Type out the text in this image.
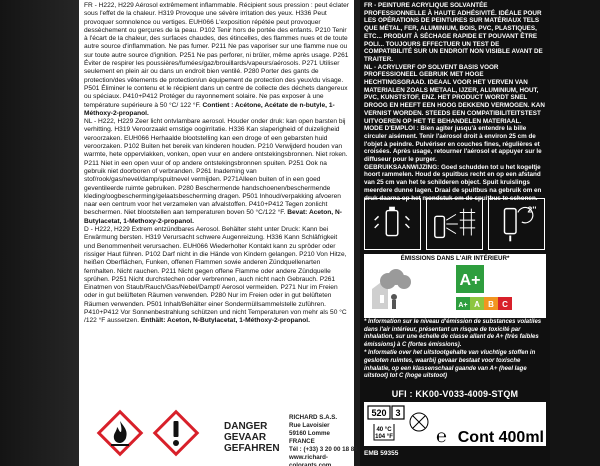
FR - H222, H229 Aérosol extrêmement inflammable. Récipient sous pression : peut éclater sous l'effet de la chaleur. H319 Provoque une sévère irritation des yeux. H336 Peut provoquer somnolence ou vertiges. EUH066 L'exposition répétée peut provoquer dessèchement ou gerçures de la peau. P102 Tenir hors de portée des enfants. P210 Tenir à l'écart de la chaleur, des surfaces chaudes, des étincelles, des flammes nues et de toute autre source d'inflammation. Ne pas fumer. P211 Ne pas vaporiser sur une flamme nue ou sur toute autre source d'ignition. P251 Ne pas perforer, ni brûler, même après usage. P261 Éviter de respirer les poussières/fumées/gaz/brouillards/vapeurs/aérosols. P271 Utiliser seulement en plein air ou dans un endroit bien ventilé. P280 Porter des gants de protection/des vêtements de protection/un équipement de protection des yeux/du visage. P501 Éliminer le contenu et le récipient dans un centre de collecte des déchets dangereux ou spéciaux. P410+P412 Protéger du rayonnement solaire. Ne pas exposer à une température supérieure à 50 °C/ 122 °F. Contient : Acétone, Acétate de n-butyle, 1-Méthoxy-2-propanol.

NL - H222, H229 Zeer licht ontvlambare aerosol. Houder onder druk: kan open barsten bij verhitting. H319 Veroorzaakt ernstige oogirritatie. H336 Kan slaperigheid of duizeligheid veroorzaken. EUH066 Herhaalde blootstelling kan een droge of een gebarsten huid veroorzaken. P102 Buiten het bereik van kinderen houden. P210 Verwijderd houden van warmte, hete oppervlakken, vonken, open vuur en andere ontstekingsbronnen. Niet roken. P211 Niet in een open vuur of op andere ontstekingsbronnen spuiten. P251 Ook na gebruik niet doorboren of verbranden. P261 Inademing van stof/rook/gas/nevel/damp/spuitnevel vermijden. P271Alleen buiten of in een goed geventileerde ruimte gebruiken. P280 Beschermende handschoenen/beschermende kleding/oogbescherming/gelaatsbescherming dragen. P501 Inhoud/verpakking afvoeren naar een centrum voor het verzamelen van afvalstoffen. P410+P412 Tegen zonlicht beschermen. Niet blootstellen aan temperaturen boven 50 °C/122 °F. Bevat: Aceton, N-Butylacetat, 1-Methoxy-2-propanol.

D - H222, H229 Extrem entzündbares Aerosol. Behälter steht unter Druck: Kann bei Erwärmung bersten. H319 Verursacht schwere Augenreizung. H336 Kann Schläfrigkeit und Benommenheit verursachen. EUH066 Wiederholter Kontakt kann zu spröder oder rissiger Haut führen. P102 Darf nicht in die Hände von Kindern gelangen. P210 Von Hitze, heißen Oberflächen, Funken, offenen Flammen sowie anderen Zündquellenarten fernhalten. Nicht rauchen. P211 Nicht gegen offene Flamme oder andere Zündquelle sprühen. P251 Nicht durchstechen oder verbrennen, auch nicht nach Gebrauch. P261 Einatmen von Staub/Rauch/Gas/Nebel/Dampf/ Aerosol vermeiden. P271 Nur im Freien oder in gut belüfteten Räumen verwenden. P280 Nur im Freien oder in gut belüfteten Räumen verwenden. P501 Inhalt/Behälter einer Sondermüllsammelstelle zuführen. P410+P412 Vor Sonnenbestrahlung schützen und nicht Temperaturen von mehr als 50 °C /122 °F aussetzen. Enthält: Aceton, N-Butylacetat, 1-Méthoxy-2-propanol.

DANGER
GEVAAR
GEFAHREN
RICHARD S.A.S.
Rue Lavoisier
59160 Lomme
FRANCE
Tél : (+33) 3 20 00 18 88
www.richard-colorants.com

FR - PEINTURE ACRYLIQUE SOLVANTÉE PROFESSIONNELLE À HAUTE ADHÉSIVITÉ. IDÉALE POUR LES OPÉRATIONS DE PEINTURES SUR MATÉRIAUX TELS QUE MÉTAL, FER, ALUMINIUM, BOIS, PVC, PLASTIQUES, ETC... PRODUIT À SÉCHAGE RAPIDE ET POUVANT ÊTRE POLI... TOUJOURS EFFECTUER UN TEST DE COMPATIBILITÉ SUR UN ENDROIT NON VISIBLE AVANT DE TRAITER.

NL - ACRYLVERF OP SOLVENT BASIS VOOR PROFESSIONEEL GEBRUIK MET HOGE HECHTINGSGRAAD. IDEAAL VOOR HET VERVEN VAN MATERIALEN ZOALS METAAL, IJZER, ALUMINIUM, HOUT, PVC, KUNSTSTOF, ENZ. HET PRODUCT WORDT SNEL DROOG EN HEEFT EEN HOOG DEKKEND VERMOGEN. KAN VERNIST WORDEN. STEEDS EEN COMPATIBILITEITSTEST UITVOEREN OP HET TE BEHANDELEN MATERIAAL.

MODE D'EMPLOI : Bien agiter jusqu'à entendre la bille circuler aisément. Tenir l'aérosol droit à environ 25 cm de l'objet à peindre. Pulvériser en couches fines, régulières et croisées. Après usage, retourner l'aérosol et appuyer sur le diffuseur pour le purger.

GEBRUIKSAANWIJZING: Goed schudden tot u het kogeltje hoort rammelen. Houd de spuitbus recht en op een afstand van 25 cm van het te schilderen object. Spuit kruislings meerdere dunne lagen. Draai de spuitbus na gebruik om en druk daarna op het mondstuk om de spuitbus te schonen.

2''
ÉMISSIONS DANS L'AIR INTÉRIEUR*
A+
A+ A B C

* Information sur le niveau d'émission de substances volatiles dans l'air intérieur, présentant un risque de toxicité par inhalation, sur une échelle de classe allant de A+ (très faibles émissions) à C (fortes émissions).

* Informatie over het uitstootgehalte van vluchtige stoffen in gesloten ruimtes, waarbij gevaar bestaat voor toxische inhalatie, op een klassenschaal gaande van A+ (heel lage uitstoot) tot C (hoge uitstoot)

UFI : KK00-V033-4009-STQM
520 3
40 °C
104 °F ℮ Cont 400ml
EMB 59355
